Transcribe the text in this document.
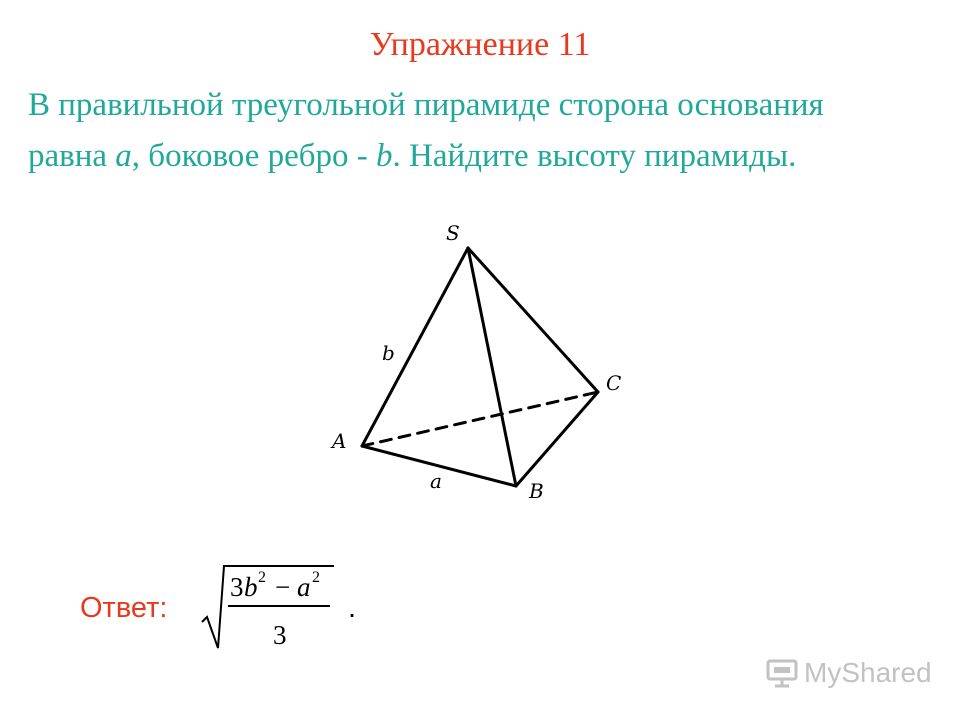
Упражнение 11
В правильной треугольной пирамиде сторона основания
равна a, боковое ребро - b. Найдите высоту пирамиды.
S
A
B
C
b
a
Ответ:
3 b 2 − a 2
3
.
MyShared
